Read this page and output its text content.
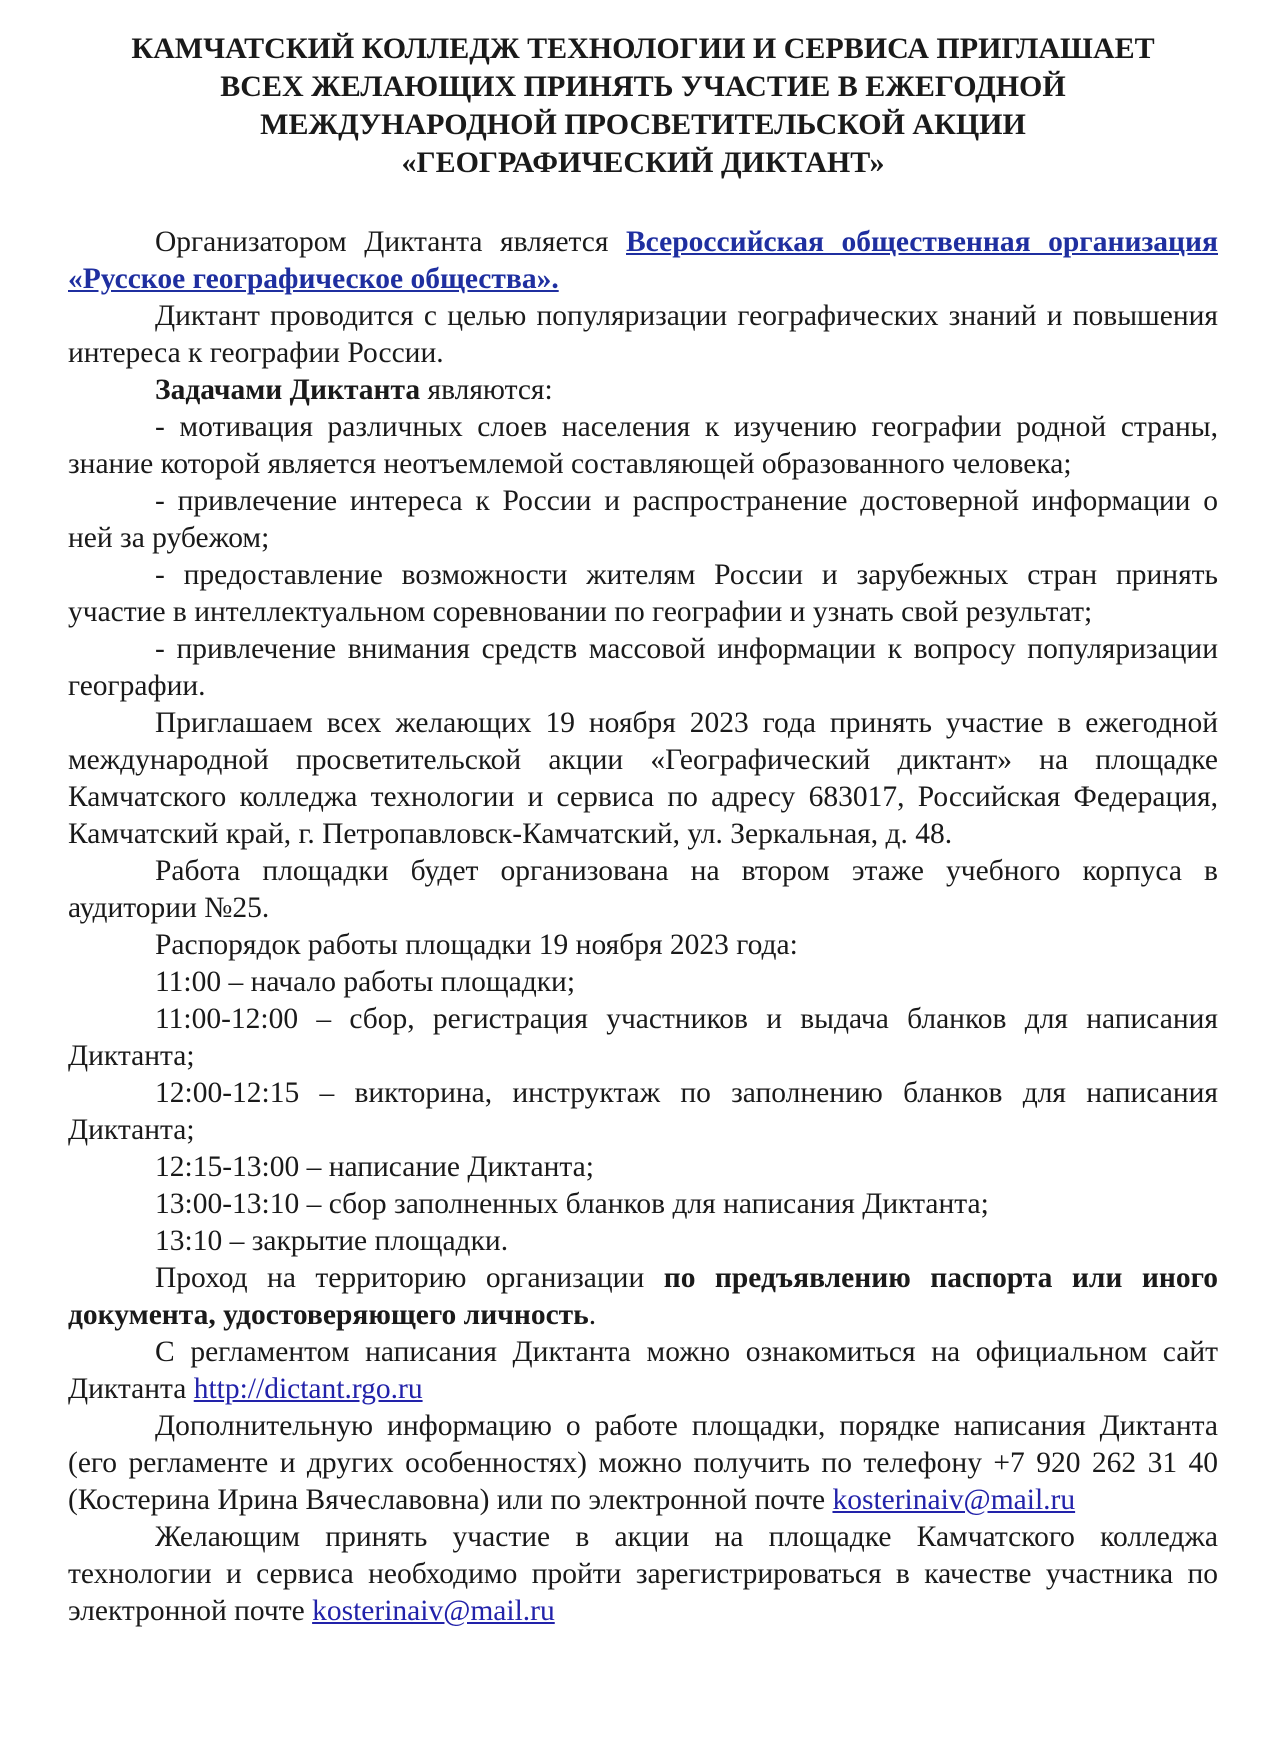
КАМЧАТСКИЙ КОЛЛЕДЖ ТЕХНОЛОГИИ И СЕРВИСА ПРИГЛАШАЕТ
ВСЕХ ЖЕЛАЮЩИХ ПРИНЯТЬ УЧАСТИЕ В ЕЖЕГОДНОЙ
МЕЖДУНАРОДНОЙ ПРОСВЕТИТЕЛЬСКОЙ АКЦИИ
«ГЕОГРАФИЧЕСКИЙ ДИКТАНТ»

Организатором Диктанта является Всероссийская общественная организация «Русское географическое общества».

Диктант проводится с целью популяризации географических знаний и повышения интереса к географии России.

Задачами Диктанта являются:

- мотивация различных слоев населения к изучению географии родной страны, знание которой является неотъемлемой составляющей образованного человека;

- привлечение интереса к России и распространение достоверной информации о ней за рубежом;

- предоставление возможности жителям России и зарубежных стран принять участие в интеллектуальном соревновании по географии и узнать свой результат;

- привлечение внимания средств массовой информации к вопросу популяризации географии.

Приглашаем всех желающих 19 ноября 2023 года принять участие в ежегодной международной просветительской акции «Географический диктант» на площадке Камчатского колледжа технологии и сервиса по адресу 683017, Российская Федерация, Камчатский край, г. Петропавловск-Камчатский, ул. Зеркальная, д. 48.

Работа площадки будет организована на втором этаже учебного корпуса в аудитории №25.

Распорядок работы площадки 19 ноября 2023 года:

11:00 – начало работы площадки;

11:00-12:00 – сбор, регистрация участников и выдача бланков для написания Диктанта;

12:00-12:15 – викторина, инструктаж по заполнению бланков для написания Диктанта;

12:15-13:00 – написание Диктанта;

13:00-13:10 – сбор заполненных бланков для написания Диктанта;

13:10 – закрытие площадки.

Проход на территорию организации по предъявлению паспорта или иного документа, удостоверяющего личность.

С регламентом написания Диктанта можно ознакомиться на официальном сайт Диктанта http://dictant.rgo.ru

Дополнительную информацию о работе площадки, порядке написания Диктанта (его регламенте и других особенностях) можно получить по телефону +7 920 262 31 40 (Костерина Ирина Вячеславовна) или по электронной почте kosterinaiv@mail.ru

Желающим принять участие в акции на площадке Камчатского колледжа технологии и сервиса необходимо пройти зарегистрироваться в качестве участника по электронной почте kosterinaiv@mail.ru
